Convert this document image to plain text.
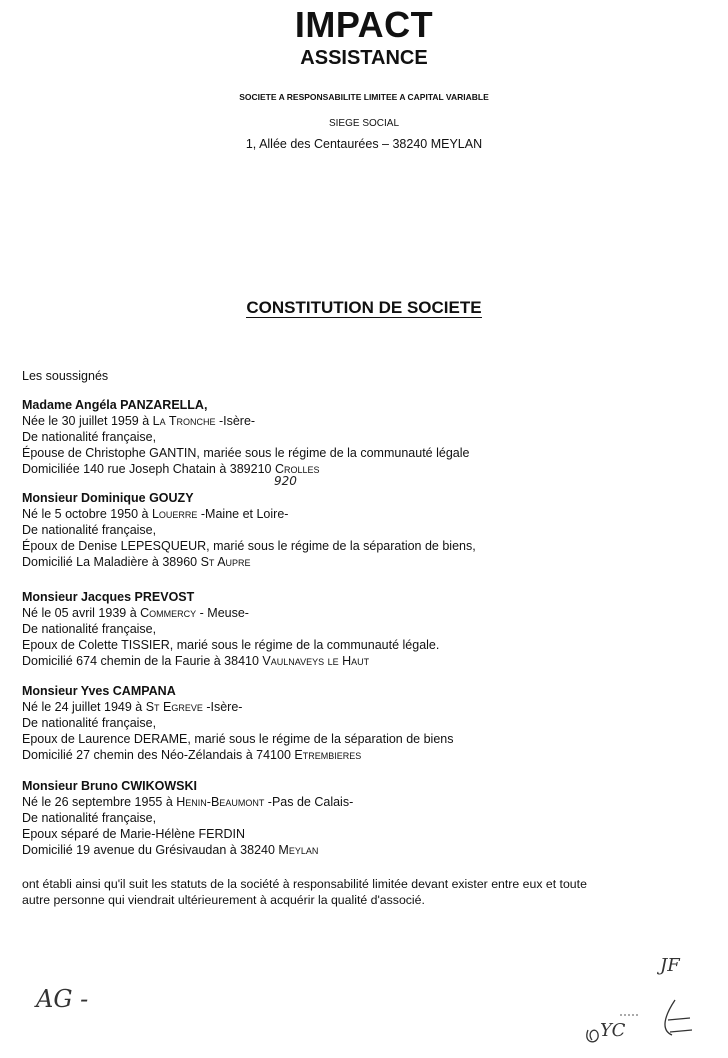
IMPACT
ASSISTANCE
SOCIETE A RESPONSABILITE LIMITEE A CAPITAL VARIABLE
SIEGE SOCIAL
1, Allée des Centaurées – 38240 MEYLAN
CONSTITUTION DE SOCIETE
Les soussignés
Madame Angéla PANZARELLA,
Née le 30 juillet 1959 à La Tronche -Isère-
De nationalité française,
Épouse de Christophe GANTIN, mariée sous le régime de la communauté légale
Domiciliée 140 rue Joseph Chatain à 389210 Crolles
Monsieur Dominique GOUZY
Né le 5 octobre 1950 à Louerre -Maine et Loire-
De nationalité française,
Époux de Denise LEPESQUEUR, marié sous le régime de la séparation de biens,
Domicilié La Maladière à 38960 St Aupre
Monsieur Jacques PREVOST
Né le 05 avril 1939 à Commercy - Meuse-
De nationalité française,
Epoux de Colette TISSIER, marié sous le régime de la communauté légale.
Domicilié 674 chemin de la Faurie à 38410 Vaulnaveys le Haut
Monsieur Yves CAMPANA
Né le 24 juillet 1949 à St Egreve -Isère-
De nationalité française,
Epoux de Laurence DERAME, marié sous le régime de la séparation de biens
Domicilié 27 chemin des Néo-Zélandais à 74100 Etrembieres
Monsieur Bruno CWIKOWSKI
Né le 26 septembre 1955 à Henin-Beaumont -Pas de Calais-
De nationalité française,
Epoux séparé de Marie-Hélène FERDIN
Domicilié 19 avenue du Grésivaudan à 38240 Meylan
920
ont établi ainsi qu'il suit les statuts de la société à responsabilité limitée devant exister entre eux et toute
autre personne qui viendrait ultérieurement à acquérir la qualité d'associé.
AG -
JF
YC
